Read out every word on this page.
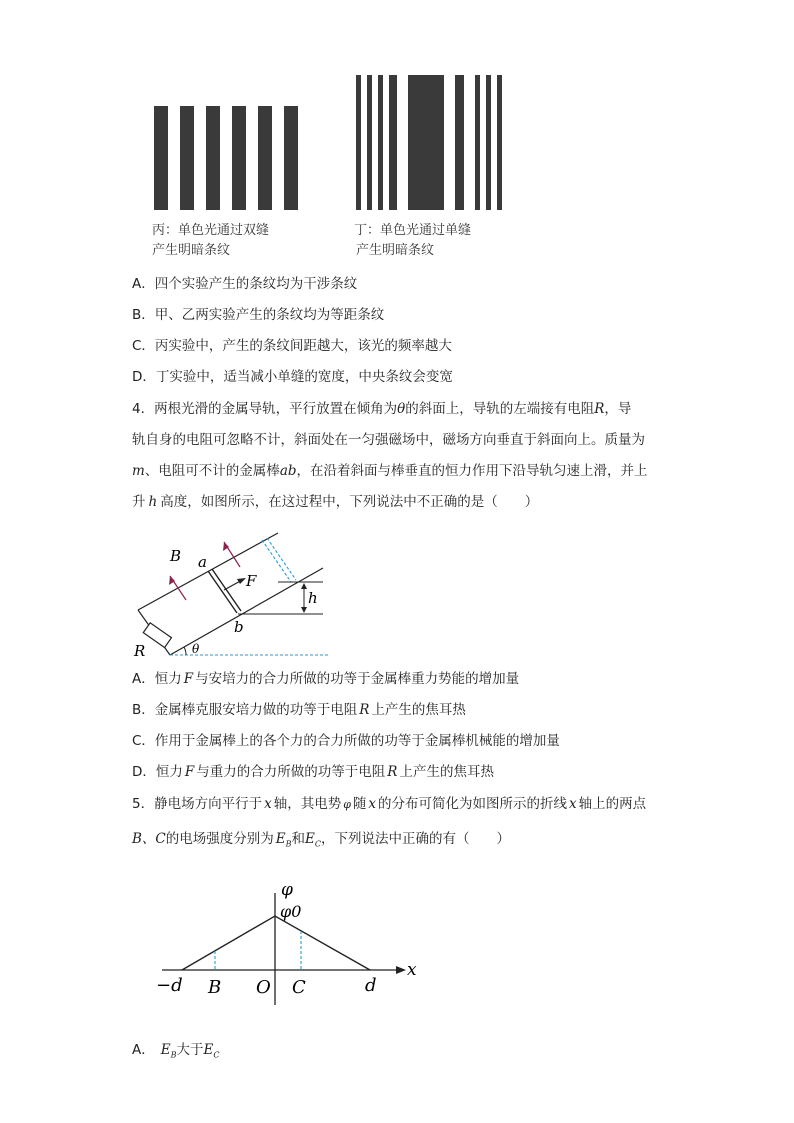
丙：单色光通过双缝
产生明暗条纹
丁：单色光通过单缝
产生明暗条纹
A．四个实验产生的条纹均为干涉条纹
B．甲、乙两实验产生的条纹均为等距条纹
C．丙实验中，产生的条纹间距越大，该光的频率越大
D．丁实验中，适当减小单缝的宽度，中央条纹会变宽
4．两根光滑的金属导轨，平行放置在倾角为θ的斜面上，导轨的左端接有电阻R，导
轨自身的电阻可忽略不计，斜面处在一匀强磁场中，磁场方向垂直于斜面向上。质量为
m、电阻可不计的金属棒ab，在沿着斜面与棒垂直的恒力作用下沿导轨匀速上滑，并上
升 h 高度，如图所示，在这过程中，下列说法中不正确的是（　　）
B a
F
h
b
R	θ
A．恒力 F 与安培力的合力所做的功等于金属棒重力势能的增加量
B．金属棒克服安培力做的功等于电阻 R 上产生的焦耳热
C．作用于金属棒上的各个力的合力所做的功等于金属棒机械能的增加量
D．恒力 F 与重力的合力所做的功等于电阻 R 上产生的焦耳热
5．静电场方向平行于 x 轴，其电势 φ 随 x 的分布可简化为如图所示的折线 x 轴上的两点
B、C的电场强度分别为 $E_B$和$E_C$，下列说法中正确的有（　　）
φ
φ0
x
−d B O C	d
A． $E_B$大于$E_C$
